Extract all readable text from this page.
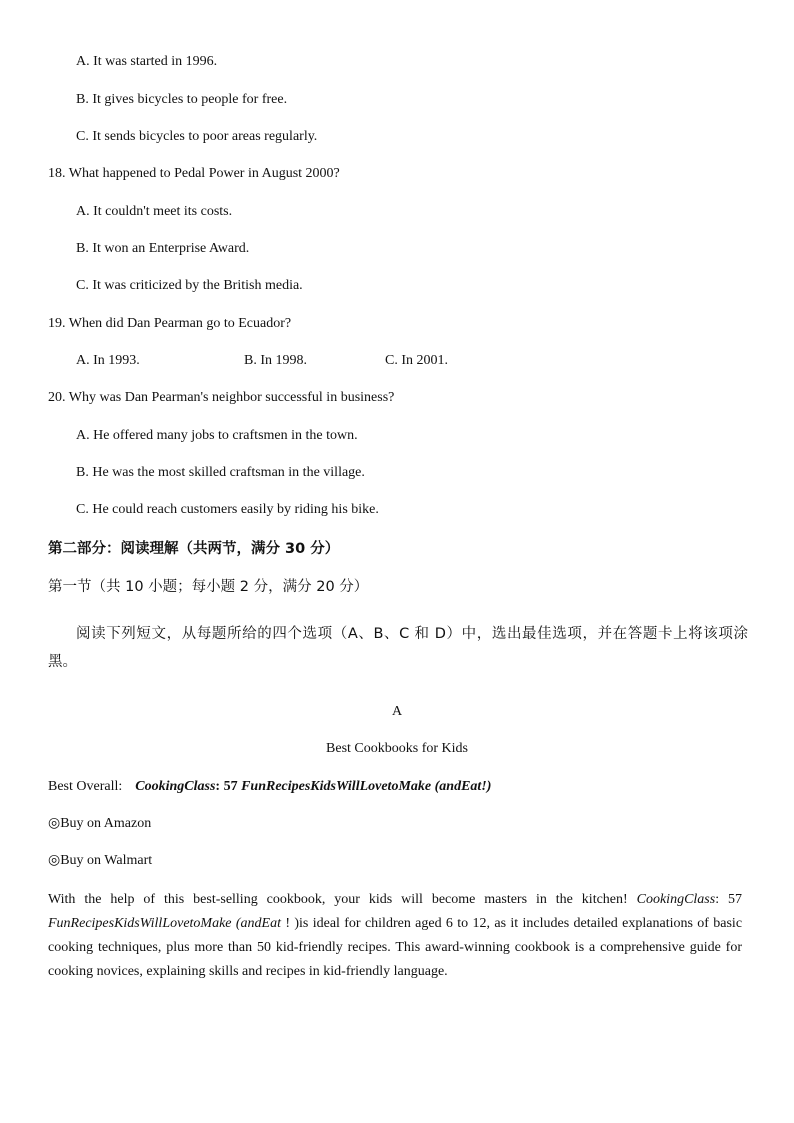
A. It was started in 1996.
B. It gives bicycles to people for free.
C. It sends bicycles to poor areas regularly.
18. What happened to Pedal Power in August 2000?
A. It couldn't meet its costs.
B. It won an Enterprise Award.
C. It was criticized by the British media.
19. When did Dan Pearman go to Ecuador?
A. In 1993.	B. In 1998.	C. In 2001.
20. Why was Dan Pearman's neighbor successful in business?
A. He offered many jobs to craftsmen in the town.
B. He was the most skilled craftsman in the village.
C. He could reach customers easily by riding his bike.
第二部分：阅读理解（共两节，满分 30 分）
第一节（共 10 小题；每小题 2 分，满分 20 分）
阅读下列短文，从每题所给的四个选项（A、B、C 和 D）中，选出最佳选项，并在答题卡上将该项涂黑。
A
Best Cookbooks for Kids
Best Overall: CookingClass: 57 FunRecipesKidsWillLovetoMake (andEat!)
◎Buy on Amazon
◎Buy on Walmart
With the help of this best-selling cookbook, your kids will become masters in the kitchen! CookingClass: 57 FunRecipesKidsWillLovetoMake (andEat ! )is ideal for children aged 6 to 12, as it includes detailed explanations of basic cooking techniques, plus more than 50 kid-friendly recipes. This award-winning cookbook is a comprehensive guide for cooking novices, explaining skills and recipes in kid-friendly language.
